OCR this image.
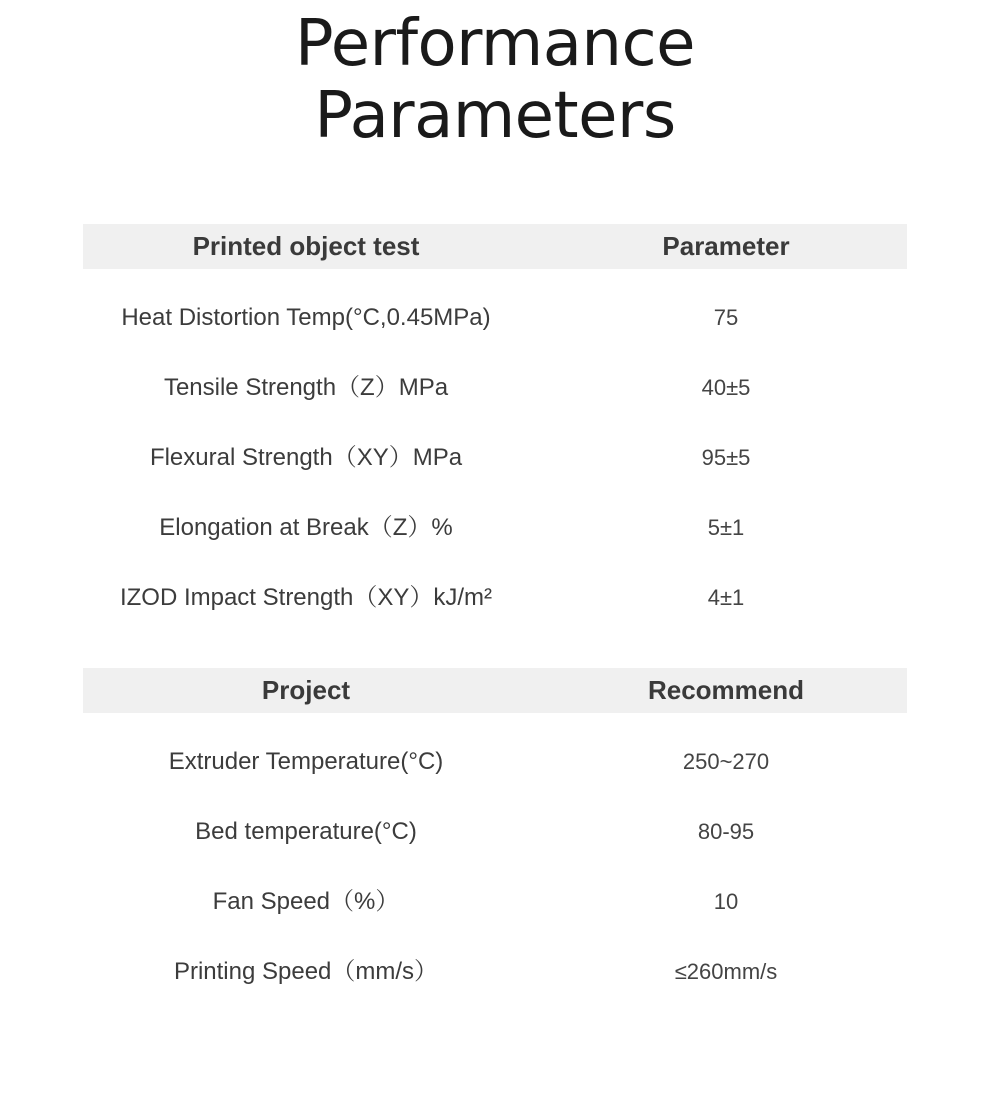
Performance
Parameters
Printed object test	Parameter
Heat Distortion Temp(°C,0.45MPa)	75
Tensile Strength（Z）MPa	40±5
Flexural Strength（XY）MPa	95±5
Elongation at Break（Z）%	5±1
IZOD Impact Strength（XY）kJ/m²	4±1
Project	Recommend
Extruder Temperature(°C)	250~270
Bed temperature(°C)	80-95
Fan Speed（%）	10
Printing Speed（mm/s）	≤260mm/s
